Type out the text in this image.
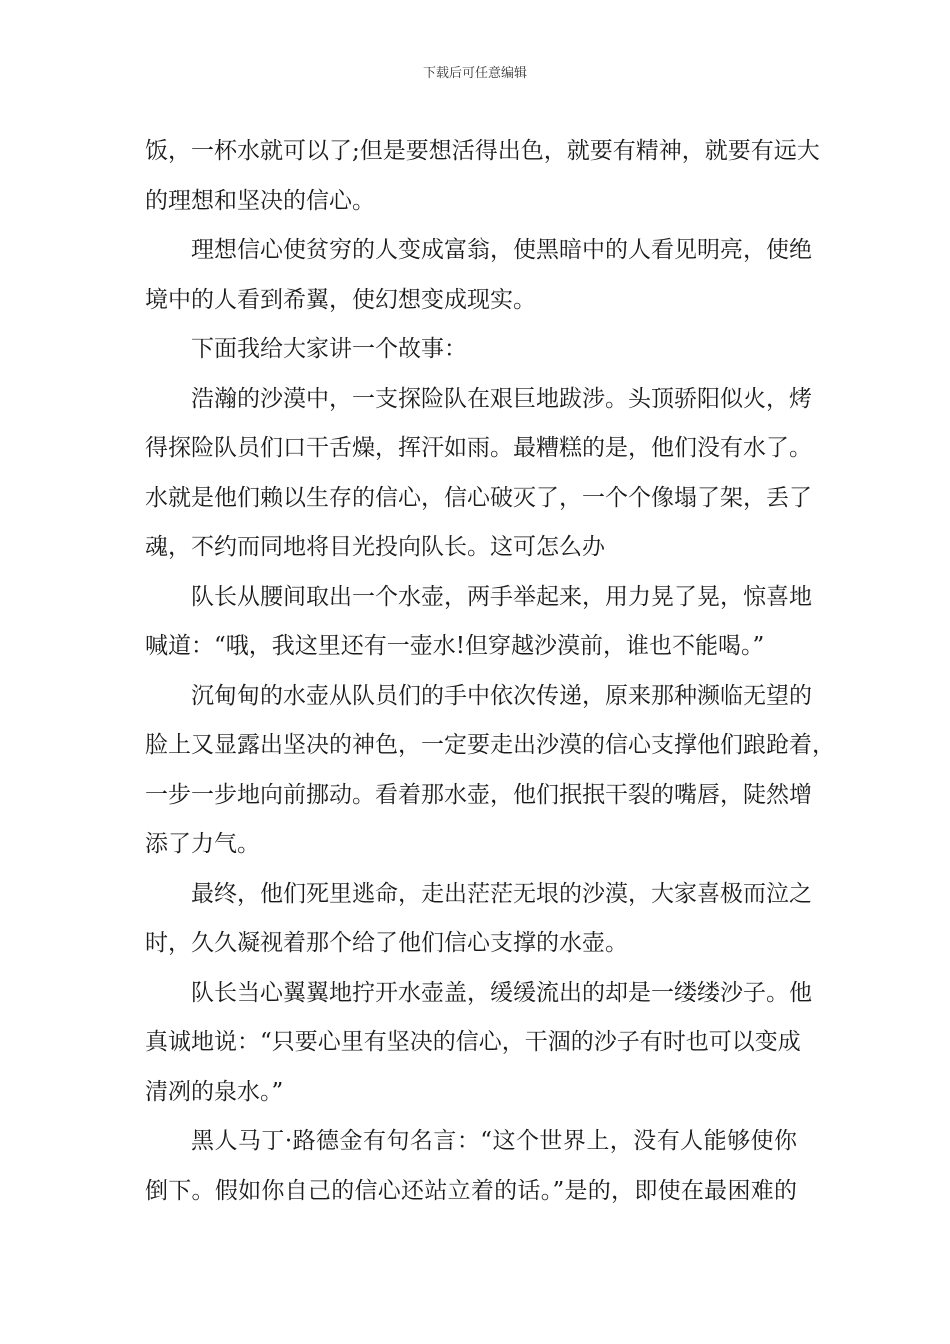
下载后可任意编辑
饭，一杯水就可以了;但是要想活得出色，就要有精神，就要有远大
的理想和坚决的信心。
理想信心使贫穷的人变成富翁，使黑暗中的人看见明亮，使绝
境中的人看到希翼，使幻想变成现实。
下面我给大家讲一个故事：
浩瀚的沙漠中，一支探险队在艰巨地跋涉。头顶骄阳似火，烤
得探险队员们口干舌燥，挥汗如雨。最糟糕的是，他们没有水了。
水就是他们赖以生存的信心，信心破灭了，一个个像塌了架，丢了
魂，不约而同地将目光投向队长。这可怎么办
队长从腰间取出一个水壶，两手举起来，用力晃了晃，惊喜地
喊道：“哦，我这里还有一壶水!但穿越沙漠前，谁也不能喝。”
沉甸甸的水壶从队员们的手中依次传递，原来那种濒临无望的
脸上又显露出坚决的神色，一定要走出沙漠的信心支撑他们踉跄着，
一步一步地向前挪动。看着那水壶，他们抿抿干裂的嘴唇，陡然增
添了力气。
最终，他们死里逃命，走出茫茫无垠的沙漠，大家喜极而泣之
时，久久凝视着那个给了他们信心支撑的水壶。
队长当心翼翼地拧开水壶盖，缓缓流出的却是一缕缕沙子。他
真诚地说：“只要心里有坚决的信心，干涸的沙子有时也可以变成
清冽的泉水。”
黑人马丁·路德金有句名言：“这个世界上，没有人能够使你
倒下。假如你自己的信心还站立着的话。”是的，即使在最困难的
